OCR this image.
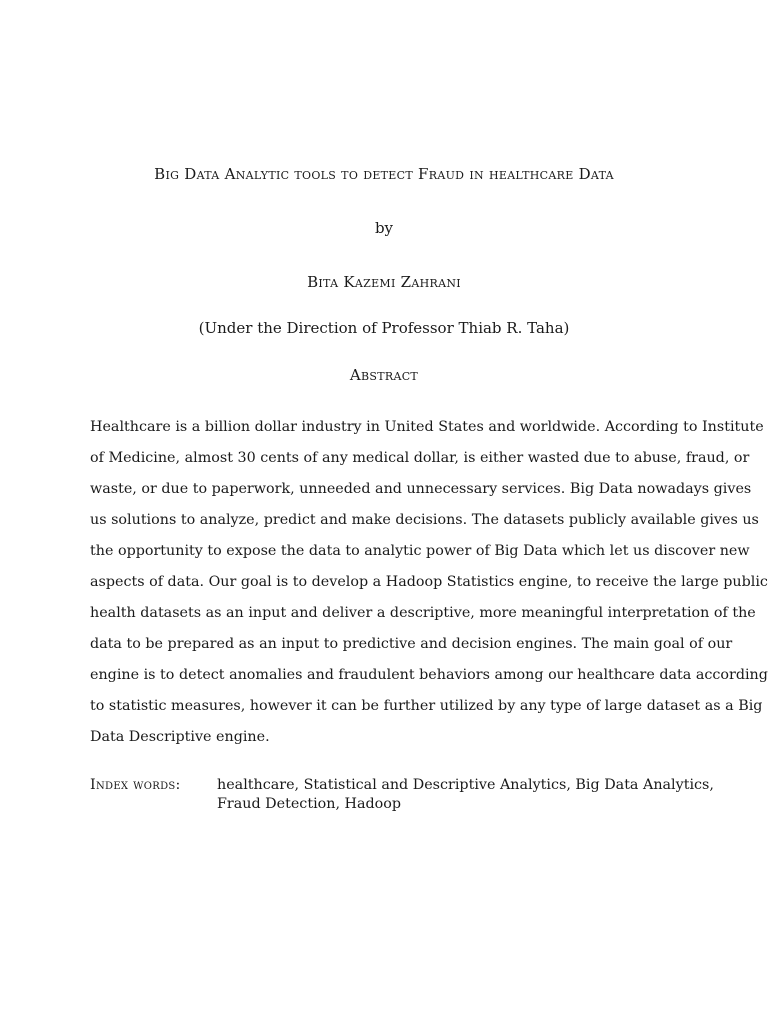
Big Data Analytic tools to detect Fraud in healthcare Data
by
Bita Kazemi Zahrani
(Under the Direction of Professor Thiab R. Taha)
Abstract
Healthcare is a billion dollar industry in United States and worldwide. According to Institute
of Medicine, almost 30 cents of any medical dollar, is either wasted due to abuse, fraud, or
waste, or due to paperwork, unneeded and unnecessary services. Big Data nowadays gives
us solutions to analyze, predict and make decisions. The datasets publicly available gives us
the opportunity to expose the data to analytic power of Big Data which let us discover new
aspects of data. Our goal is to develop a Hadoop Statistics engine, to receive the large public
health datasets as an input and deliver a descriptive, more meaningful interpretation of the
data to be prepared as an input to predictive and decision engines. The main goal of our
engine is to detect anomalies and fraudulent behaviors among our healthcare data according
to statistic measures, however it can be further utilized by any type of large dataset as a Big
Data Descriptive engine.
Index words:	healthcare, Statistical and Descriptive Analytics, Big Data Analytics,
Fraud Detection, Hadoop
